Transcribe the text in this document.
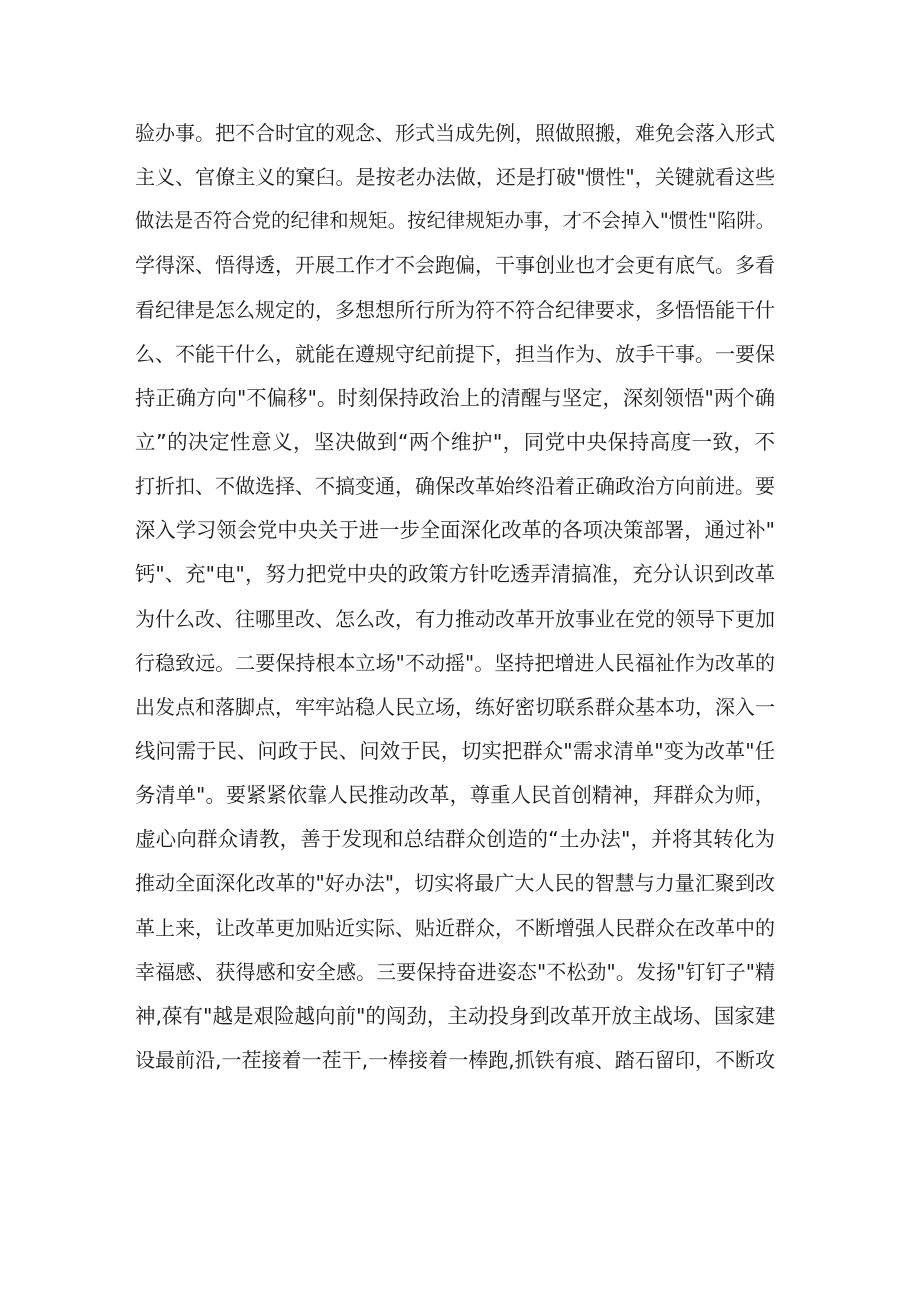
验办事。把不合时宜的观念、形式当成先例，照做照搬，难免会落入形式
主义、官僚主义的窠臼。是按老办法做，还是打破"惯性"，关键就看这些
做法是否符合党的纪律和规矩。按纪律规矩办事，才不会掉入"惯性"陷阱。
学得深、悟得透，开展工作才不会跑偏，干事创业也才会更有底气。多看
看纪律是怎么规定的，多想想所行所为符不符合纪律要求，多悟悟能干什
么、不能干什么，就能在遵规守纪前提下，担当作为、放手干事。一要保
持正确方向"不偏移"。时刻保持政治上的清醒与坚定，深刻领悟"两个确
立”的决定性意义，坚决做到“两个维护"，同党中央保持高度一致，不
打折扣、不做选择、不搞变通，确保改革始终沿着正确政治方向前进。要
深入学习领会党中央关于进一步全面深化改革的各项决策部署，通过补"
钙"、充"电"，努力把党中央的政策方针吃透弄清搞准，充分认识到改革
为什么改、往哪里改、怎么改，有力推动改革开放事业在党的领导下更加
行稳致远。二要保持根本立场"不动摇"。坚持把增进人民福祉作为改革的
出发点和落脚点，牢牢站稳人民立场，练好密切联系群众基本功，深入一
线问需于民、问政于民、问效于民，切实把群众"需求清单"变为改革"任
务清单"。要紧紧依靠人民推动改革，尊重人民首创精神，拜群众为师，
虚心向群众请教，善于发现和总结群众创造的“土办法"，并将其转化为
推动全面深化改革的"好办法"，切实将最广大人民的智慧与力量汇聚到改
革上来，让改革更加贴近实际、贴近群众，不断增强人民群众在改革中的
幸福感、获得感和安全感。三要保持奋进姿态"不松劲"。发扬"钉钉子"精
神,葆有"越是艰险越向前"的闯劲，主动投身到改革开放主战场、国家建
设最前沿,一茬接着一茬干,一棒接着一棒跑,抓铁有痕、踏石留印，不断攻
